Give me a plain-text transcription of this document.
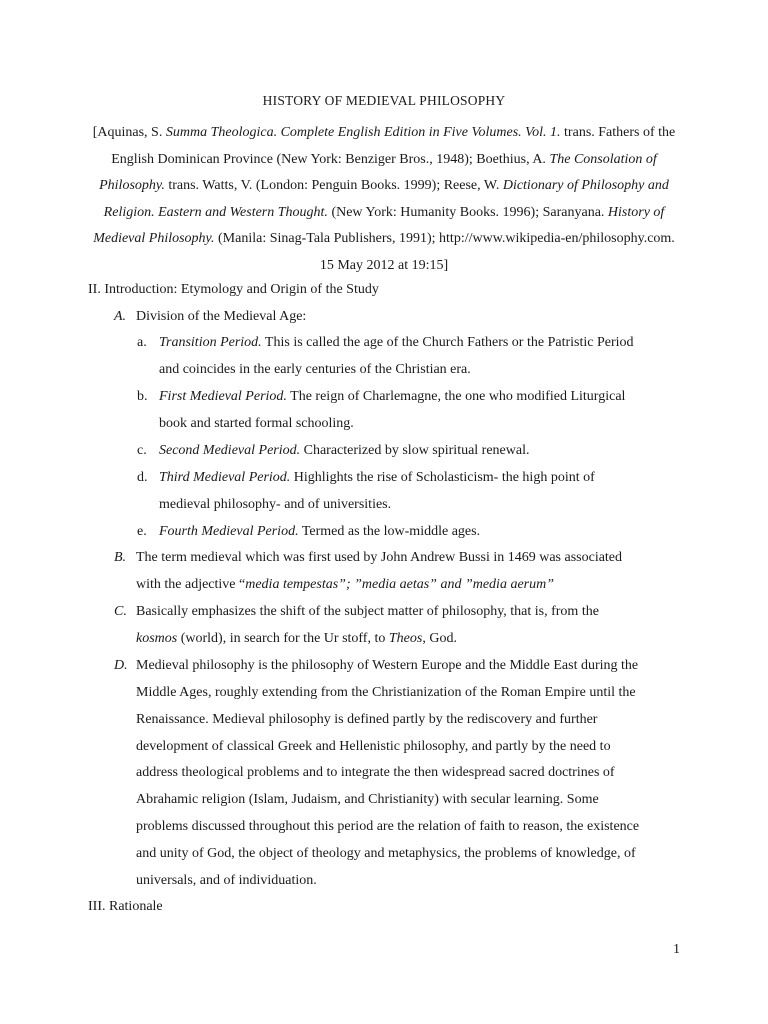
HISTORY OF MEDIEVAL PHILOSOPHY
[Aquinas, S. Summa Theologica. Complete English Edition in Five Volumes. Vol. 1. trans. Fathers of the English Dominican Province (New York: Benziger Bros., 1948); Boethius, A. The Consolation of Philosophy. trans. Watts, V. (London: Penguin Books. 1999); Reese, W. Dictionary of Philosophy and Religion. Eastern and Western Thought. (New York: Humanity Books. 1996); Saranyana. History of Medieval Philosophy. (Manila: Sinag-Tala Publishers, 1991); http://www.wikipedia-en/philosophy.com. 15 May 2012 at 19:15]
II. Introduction: Etymology and Origin of the Study
A. Division of the Medieval Age:
a. Transition Period. This is called the age of the Church Fathers or the Patristic Period
and coincides in the early centuries of the Christian era.
b. First Medieval Period. The reign of Charlemagne, the one who modified Liturgical
book and started formal schooling.
c. Second Medieval Period. Characterized by slow spiritual renewal.
d. Third Medieval Period. Highlights the rise of Scholasticism- the high point of
medieval philosophy- and of universities.
e. Fourth Medieval Period. Termed as the low-middle ages.
B. The term medieval which was first used by John Andrew Bussi in 1469 was associated
with the adjective “media tempestas”; ”media aetas” and ”media aerum”
C. Basically emphasizes the shift of the subject matter of philosophy, that is, from the
kosmos (world), in search for the Ur stoff, to Theos, God.
D. Medieval philosophy is the philosophy of Western Europe and the Middle East during the
Middle Ages, roughly extending from the Christianization of the Roman Empire until the
Renaissance. Medieval philosophy is defined partly by the rediscovery and further
development of classical Greek and Hellenistic philosophy, and partly by the need to
address theological problems and to integrate the then widespread sacred doctrines of
Abrahamic religion (Islam, Judaism, and Christianity) with secular learning. Some
problems discussed throughout this period are the relation of faith to reason, the existence
and unity of God, the object of theology and metaphysics, the problems of knowledge, of
universals, and of individuation.
III. Rationale
1
